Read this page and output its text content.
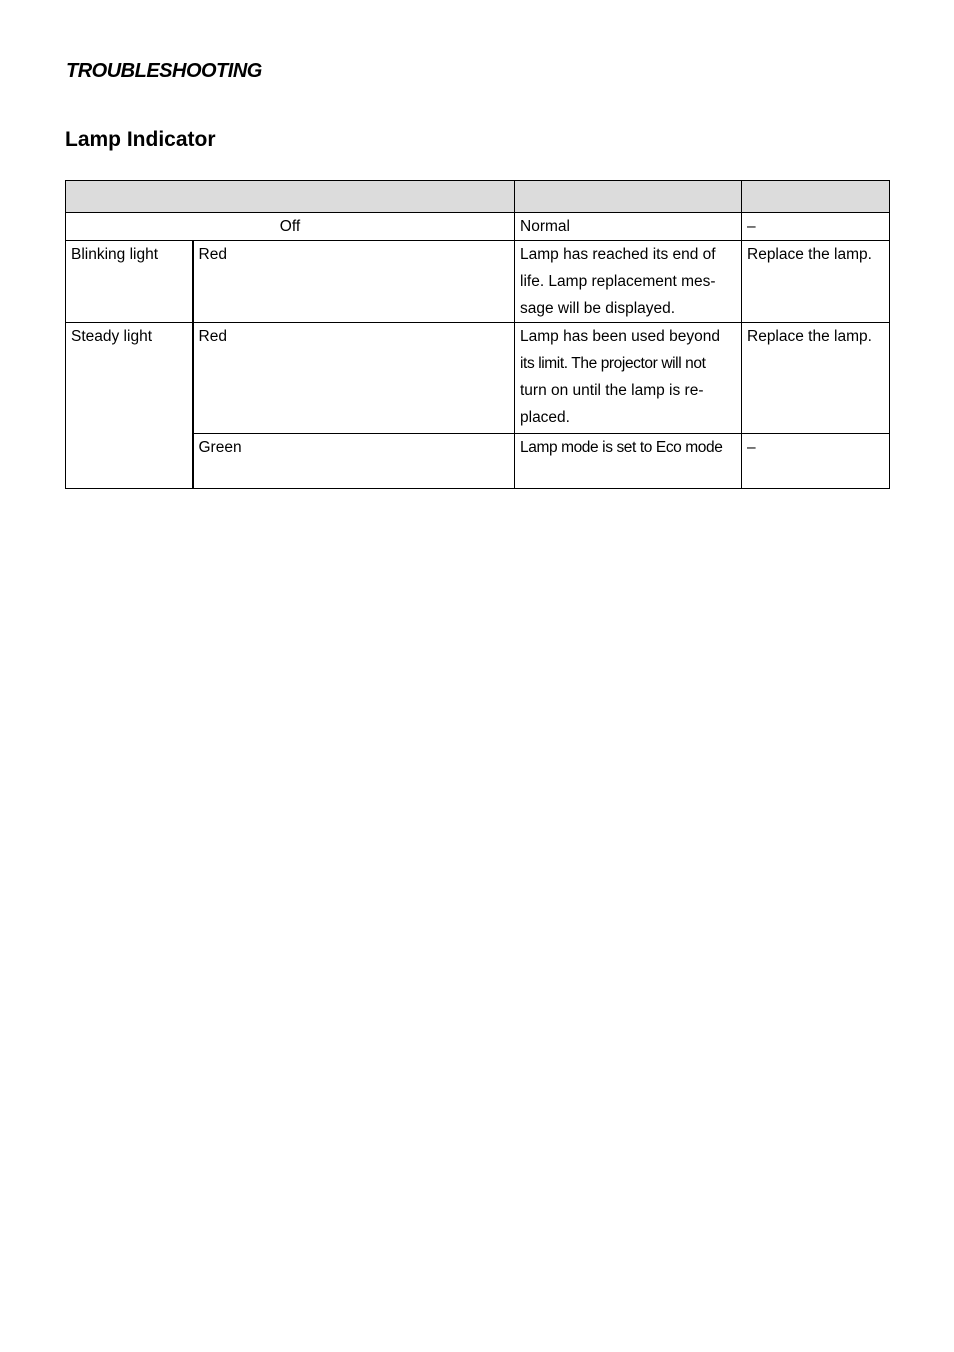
TROUBLESHOOTING
Lamp Indicator

Off		Normal	–
Blinking light	Red	Lamp has reached its end of
life. Lamp replacement mes-
sage will be displayed.	Replace the lamp.
Steady light	Red	Lamp has been used beyond
its limit. The projector will not
turn on until the lamp is re-
placed.	Replace the lamp.
	Green	Lamp mode is set to Eco mode	–
